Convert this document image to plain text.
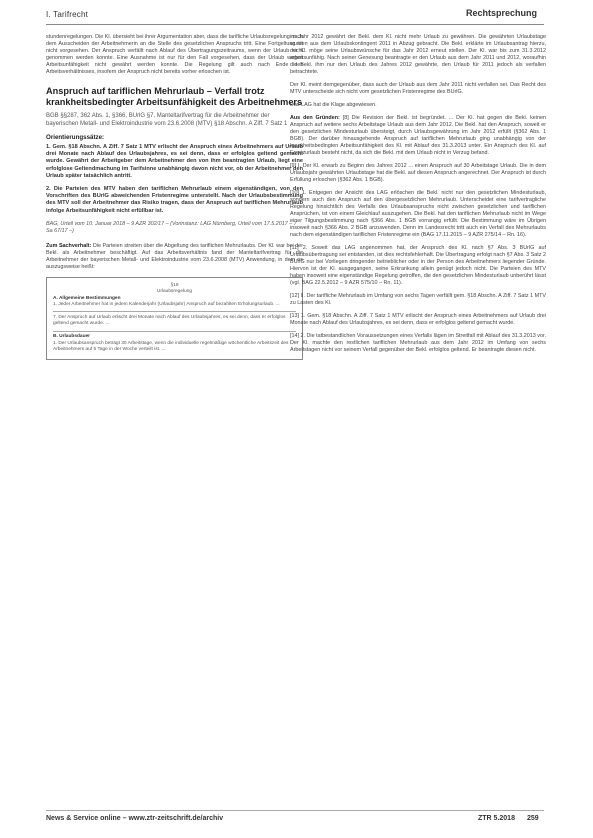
I. Tarifrecht	Rechtsprechung

stundenregelungen. Die Kl. übersieht bei ihrer Argumentation aber, dass die tarifliche Urlaubsregelung nach dem Ausscheiden der Arbeitnehmerin an die Stelle des gesetzlichen Anspruchs tritt. Eine Fortgeltung ist nicht vorgesehen. Der Anspruch verfällt nach Ablauf des Übertragungszeitraums, wenn der Urlaub nicht genommen werden konnte. Eine Ausnahme ist nur für den Fall vorgesehen, dass der Urlaub wegen Arbeitsunfähigkeit nicht gewährt werden konnte. Die Regelung gilt auch nach Ende des Arbeitsverhältnisses, insofern der Anspruch nicht bereits vorher erloschen ist.

Anspruch auf tariflichen Mehrurlaub – Verfall trotz krankheitsbedingter Arbeitsunfähigkeit des Arbeitnehmers
BGB §§287, 362 Abs. 1, §366, BUrlG §7, Manteltarifvertrag für die Arbeitnehmer der bayerischen Metall- und Elektroindustrie vom 23.6.2008 (MTV) §18 Abschn. A Ziff. 7 Satz 1
Orientierungssätze:
1. Gem. §18 Abschn. A Ziff. 7 Satz 1 MTV erlischt der Anspruch eines Arbeitnehmers auf Urlaub drei Monate nach Ablauf des Urlaubsjahres, es sei denn, dass er erfolglos geltend gemacht wurde. Gewährt der Arbeitgeber dem Arbeitnehmer den von ihm beantragten Urlaub, liegt eine erfolglose Geltendmachung im Tarifsinne unabhängig davon nicht vor, ob der Arbeitnehmer den Urlaub später tatsächlich antritt.
2. Die Parteien des MTV haben den tariflichen Mehrurlaub einem eigenständigen, von den Vorschriften des BUrlG abweichenden Fristenregime unterstellt. Nach der Urlaubsbestimmung des MTV soll der Arbeitnehmer das Risiko tragen, dass der Anspruch auf tariflichen Mehrurlaub infolge Arbeitsunfähigkeit nicht erfüllbar ist.
BAG, Urteil vom 10. Januar 2018 – 9 AZR 302/17 – (Vorinstanz: LAG Nürnberg, Urteil vom 17.5.2017 – 7 Sa 67/17 –)

Zum Sachverhalt: Die Parteien streiten über die Abgeltung des tariflichen Mehrurlaubs. Der Kl. war bei der Bekl. als Arbeitnehmer beschäftigt. Auf das Arbeitsverhältnis fand der Manteltarifvertrag für die Arbeitnehmer der bayerischen Metall- und Elektroindustrie vom 23.6.2008 (MTV) Anwendung, in dem es auszugsweise heißt:

§18
Urlaubsregelung
A. Allgemeine Bestimmungen
1. Jeder Arbeitnehmer hat in jedem Kalenderjahr (Urlaubsjahr) Anspruch auf bezahlten Erholungsurlaub. ...
7. Der Anspruch auf Urlaub erlischt drei Monate nach Ablauf des Urlaubsjahres, es sei denn, dass er erfolglos geltend gemacht wurde. ...
B. Urlaubsdauer
1. Der Urlaubsanspruch beträgt 30 Arbeitstage, wenn die individuelle regelmäßige wöchentliche Arbeitszeit des Arbeitnehmers auf 5 Tage in der Woche verteilt ist. ...

im Jahr 2012 gewährt der Bekl. dem Kl. nicht mehr Urlaub zu gewähren. Die gewährten Urlaubstage wurden aus dem Urlaubskontingent 2011 in Abzug gebracht. Die Bekl. erklärte im Urlaubsantrag hierzu, der Kl. möge seine Urlaubswünsche für das Jahr 2012 erneut stellen. Der Kl. war bis zum 31.3.2012 arbeitsunfähig. Nach seiner Genesung beantragte er den Urlaub aus dem Jahr 2011 und 2012, woraufhin die Bekl. ihm nur den Urlaub des Jahres 2012 gewährte, den Urlaub für 2011 jedoch als verfallen betrachtete.

Der Kl. meint demgegenüber, dass auch der Urlaub aus dem Jahr 2011 nicht verfallen sei. Das Recht des MTV unterscheide sich nicht vom gesetzlichen Fristenregime des BUrlG.

Das LAG hat die Klage abgewiesen.

Aus den Gründen: [8] Die Revision der Bekl. ist begründet. ... Der Kl. hat gegen die Bekl. keinen Anspruch auf weitere sechs Arbeitstage Urlaub aus dem Jahr 2012. Die Bekl. hat den Anspruch, soweit er den gesetzlichen Mindesturlaub übersteigt, durch Urlaubsgewährung im Jahr 2012 erfüllt (§362 Abs. 1 BGB). Der darüber hinausgehende Anspruch auf tariflichen Mehrurlaub ging unabhängig von der krankheitsbedingten Arbeitsunfähigkeit des Kl. mit Ablauf des 31.3.2013 unter. Ein Anspruch des Kl. auf Ersatzurlaub besteht nicht, da sich die Bekl. mit dem Urlaub nicht in Verzug befand.

[9] I. Der Kl. erwarb zu Beginn des Jahres 2012 ... einen Anspruch auf 30 Arbeitstage Urlaub. Die in dem Urlaubsjahr gewährten Urlaubstage hat die Bekl. auf diesen Anspruch angerechnet. Der Anspruch ist durch Erfüllung erloschen (§362 Abs. 1 BGB).

[10] 1. Entgegen der Ansicht des LAG erlöschen die Bekl. nicht nur den gesetzlichen Mindesturlaub, sondern auch den Anspruch auf den übergesetzlichen Mehrurlaub. Unterscheidet eine tarifvertragliche Regelung hinsichtlich des Verfalls des Urlaubsanspruchs nicht zwischen gesetzlichen und tariflichen Ansprüchen, ist von einem Gleichlauf auszugehen. Die Bekl. hat den tariflichen Mehrurlaub nicht im Wege einer Tilgungsbestimmung nach §366 Abs. 1 BGB vorrangig erfüllt. Die Bestimmung wäre im Übrigen insoweit nach §366 Abs. 2 BGB anzuwenden. Denn im Landesrecht tritt auch ein Verfall des Mehrurlaubs nach dem eigenständigen tariflichen Fristenregime ein (BAG 17.11.2015 – 9 AZR 275/14 – Rn. 16).

[11] 2. Soweit das LAG angenommen hat, der Anspruch des Kl. nach §7 Abs. 3 BUrlG auf Urlaubsübertragung sei entstanden, ist dies rechtsfehlerhaft. Die Übertragung erfolgt nach §7 Abs. 3 Satz 2 BUrlG nur bei Vorliegen dringender betrieblicher oder in der Person des Arbeitnehmers liegender Gründe. Hiervon ist der Kl. ausgegangen, seine Erkrankung allein genügt jedoch nicht. Die Parteien des MTV haben insoweit eine eigenständige Regelung getroffen, die den gesetzlichen Mindesturlaub unberührt lässt (vgl. BAG 22.5.2012 – 9 AZR 575/10 – Rn. 11).

[12] II. Der tarifliche Mehrurlaub im Umfang von sechs Tagen verfällt gem. §18 Abschn. A Ziff. 7 Satz 1 MTV zu Lasten des Kl.

[13] 1. Gem. §18 Abschn. A Ziff. 7 Satz 1 MTV erlischt der Anspruch eines Arbeitnehmers auf Urlaub drei Monate nach Ablauf des Urlaubsjahres, es sei denn, dass er erfolglos geltend gemacht wurde.

[14] 2. Die tatbestandlichen Voraussetzungen eines Verfalls lägen im Streitfall mit Ablauf des 31.3.2013 vor. Der Kl. machte den restlichen tariflichen Mehrurlaub aus dem Jahr 2012 im Umfang von sechs Arbeitstagen nicht vor seinem Verfall gegenüber der Bekl. erfolglos geltend. Er beantragte diesen nicht.

News & Service online – www.ztr-zeitschrift.de/archiv	ZTR 5.2018 259
